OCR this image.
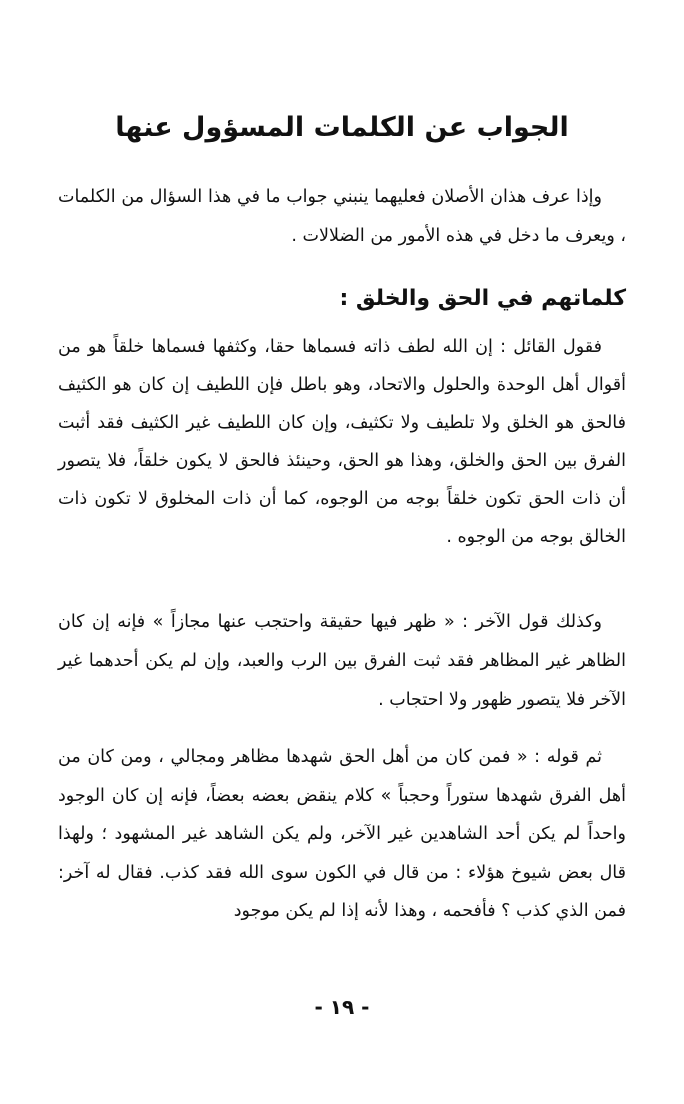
الجواب عن الكلمات المسؤول عنها

وإذا عرف هذان الأصلان فعليهما ينبني جواب ما في هذا السؤال من الكلمات ، ويعرف ما دخل في هذه الأمور من الضلالات .

كلماتهم في الحق والخلق :

فقول القائل : إن الله لطف ذاته فسماها حقا، وكثفها فسماها خلقاً هو من أقوال أهل الوحدة والحلول والاتحاد، وهو باطل فإن اللطيف إن كان هو الكثيف فالحق هو الخلق ولا تلطيف ولا تكثيف، وإن كان اللطيف غير الكثيف فقد أثبت الفرق بين الحق والخلق، وهذا هو الحق، وحينئذ فالحق لا يكون خلقاً، فلا يتصور أن ذات الحق تكون خلقاً بوجه من الوجوه، كما أن ذات المخلوق لا تكون ذات الخالق بوجه من الوجوه .

وكذلك قول الآخر : « ظهر فيها حقيقة واحتجب عنها مجازاً » فإنه إن كان الظاهر غير المظاهر فقد ثبت الفرق بين الرب والعبد، وإن لم يكن أحدهما غير الآخر فلا يتصور ظهور ولا احتجاب .

ثم قوله : « فمن كان من أهل الحق شهدها مظاهر ومجالي ، ومن كان من أهل الفرق شهدها ستوراً وحجباً » كلام ينقض بعضه بعضاً، فإنه إن كان الوجود واحداً لم يكن أحد الشاهدين غير الآخر، ولم يكن الشاهد غير المشهود ؛ ولهذا قال بعض شيوخ هؤلاء : من قال في الكون سوى الله فقد كذب. فقال له آخر: فمن الذي كذب ؟ فأفحمه ، وهذا لأنه إذا لم يكن موجود

- ١٩ -
